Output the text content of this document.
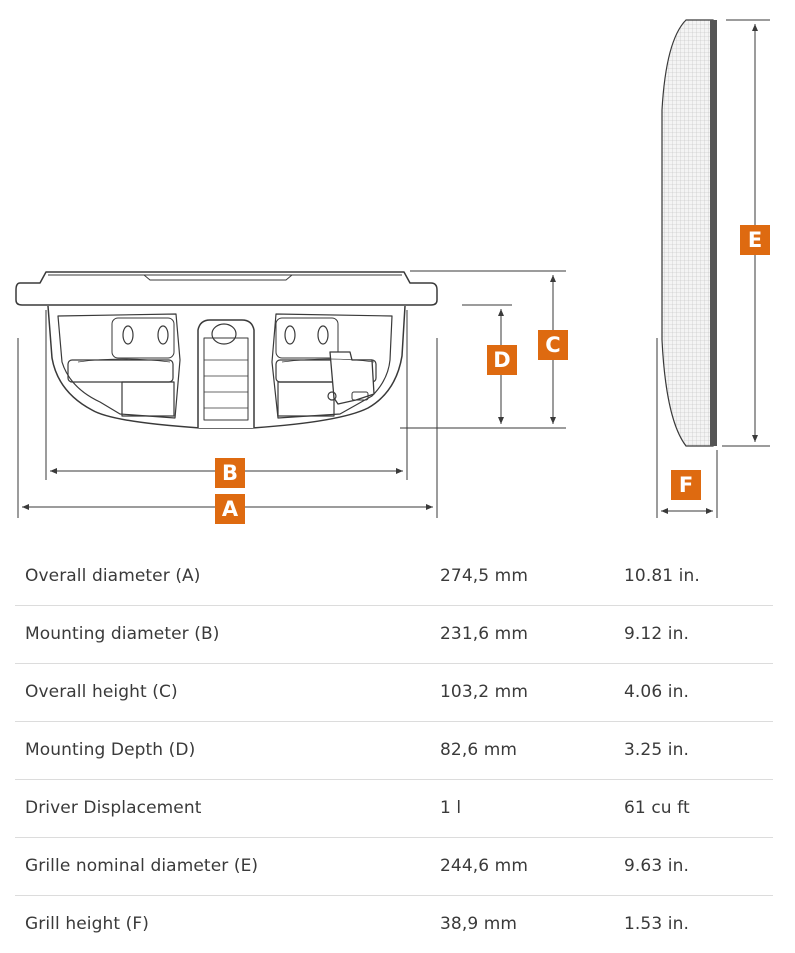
A
B
C
D
E
F
Overall diameter (A)	274,5 mm	10.81 in.
Mounting diameter (B)	231,6 mm	9.12 in.
Overall height (C)	103,2 mm	4.06 in.
Mounting Depth (D)	82,6 mm	3.25 in.
Driver Displacement	1 l	61 cu ft
Grille nominal diameter (E)	244,6 mm	9.63 in.
Grill height (F)	38,9 mm	1.53 in.
